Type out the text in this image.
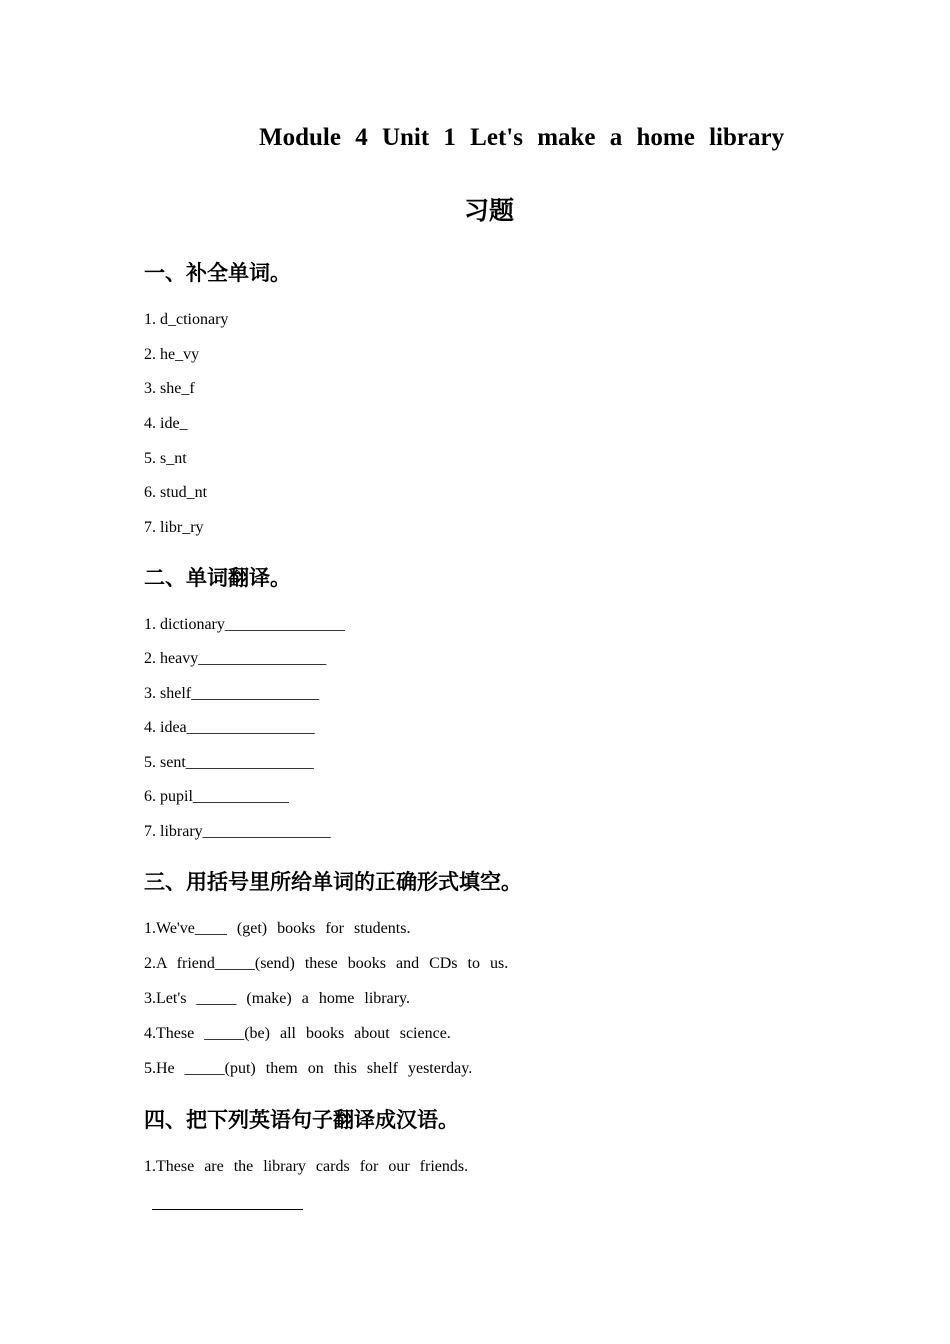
Module 4 Unit 1 Let's make a home library
习题
一、补全单词。
1. d_ctionary
2. he_vy
3. she_f
4. ide_
5. s_nt
6. stud_nt
7. libr_ry
二、单词翻译。
1. dictionary_______________
2. heavy________________
3. shelf________________
4. idea________________
5. sent________________
6. pupil____________
7. library________________
三、用括号里所给单词的正确形式填空。
1.We've____ (get) books for students.
2.A friend_____(send) these books and CDs to us.
3.Let's _____ (make) a home library.
4.These _____(be) all books about science.
5.He _____(put) them on this shelf yesterday.
四、把下列英语句子翻译成汉语。
1.These are the library cards for our friends.
